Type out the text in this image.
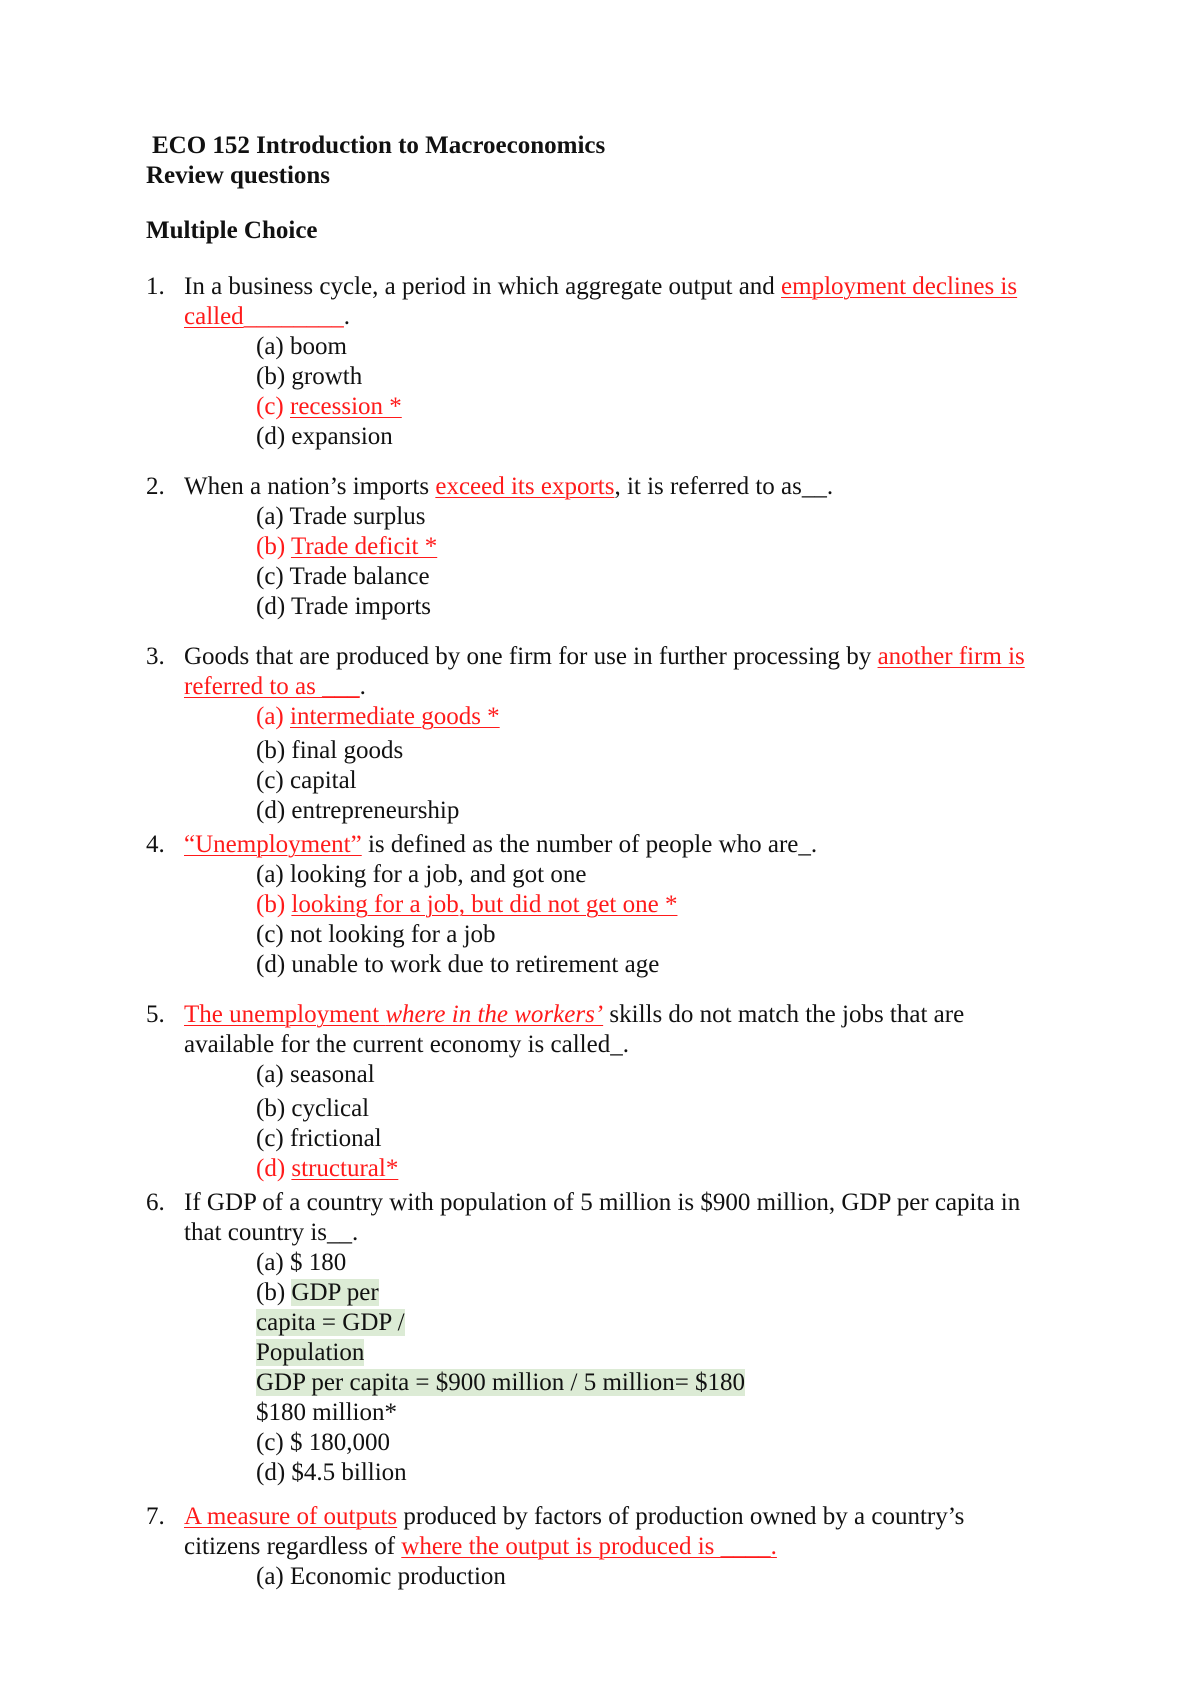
ECO 152 Introduction to Macroeconomics
Review questions
Multiple Choice
1. In a business cycle, a period in which aggregate output and employment declines is
called________.
(a) boom
(b) growth
(c) recession *
(d) expansion
2. When a nation’s imports exceed its exports, it is referred to as__.
(a) Trade surplus
(b) Trade deficit *
(c) Trade balance
(d) Trade imports
3. Goods that are produced by one firm for use in further processing by another firm is
referred to as ___.
(a) intermediate goods *
(b) final goods
(c) capital
(d) entrepreneurship
4. “Unemployment” is defined as the number of people who are_.
(a) looking for a job, and got one
(b) looking for a job, but did not get one *
(c) not looking for a job
(d) unable to work due to retirement age
5. The unemployment where in the workers’ skills do not match the jobs that are
available for the current economy is called_.
(a) seasonal
(b) cyclical
(c) frictional
(d) structural*
6. If GDP of a country with population of 5 million is $900 million, GDP per capita in
that country is__.
(a) $ 180
(b) GDP per
capita = GDP /
Population
GDP per capita = $900 million / 5 million= $180
$180 million*
(c) $ 180,000
(d) $4.5 billion
7. A measure of outputs produced by factors of production owned by a country’s
citizens regardless of where the output is produced is ____.
(a) Economic production
